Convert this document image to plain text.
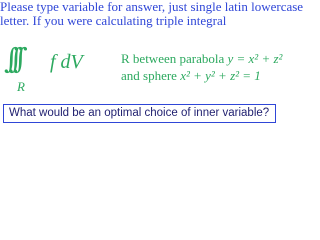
Please type variable for answer, just single latin lowercase
letter. If you were calculating triple integral

∫∫∫
R
f dV	R between parabola y = x² + z²
and sphere x² + y² + z² = 1
What would be an optimal choice of inner variable?
